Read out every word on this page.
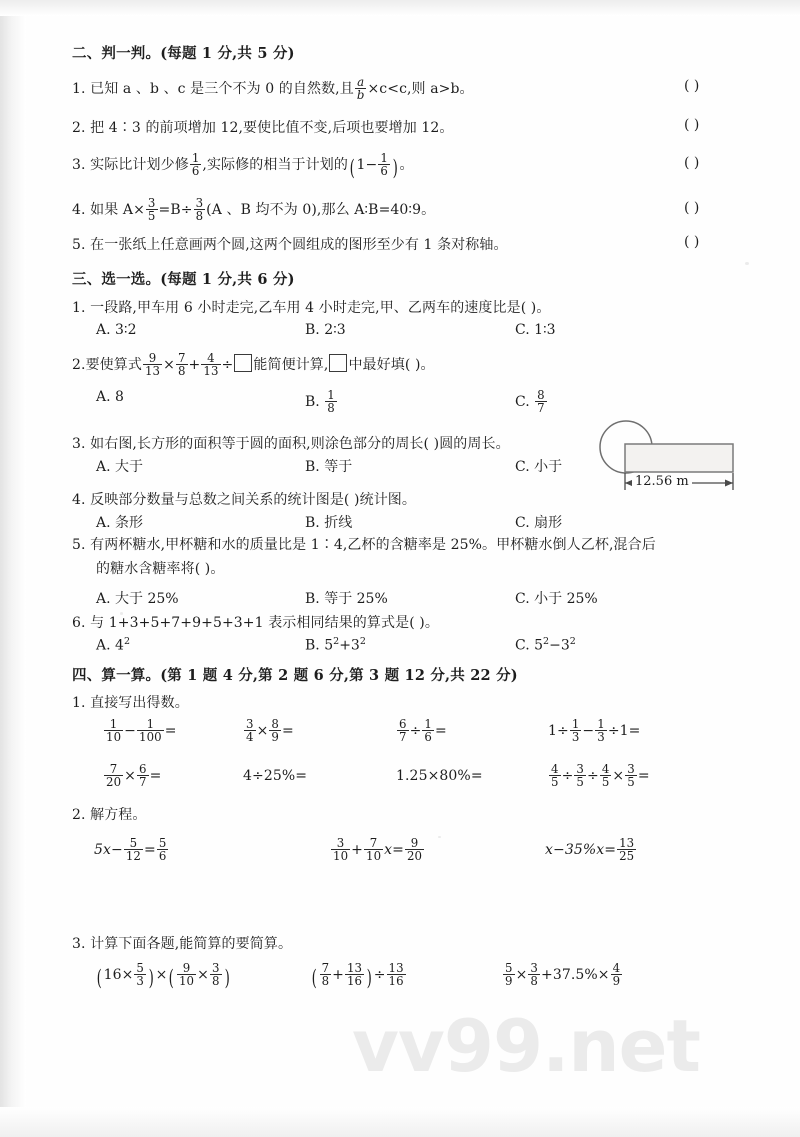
二、判一判。(每题 1 分,共 5 分)
1. 已知 a 、b 、c 是三个不为 0 的自然数,且 $\frac{a}{b} \times c<c$,则 a>b。	( )
2. 把 4∶3 的前项增加 12,要使比值不变,后项也要增加 12。	( )
3. 实际比计划少修 $\frac{1}{6}$ ,实际修的相当于计划的( $1- \frac{1}{6}$ ) 。	( )
4. 如果 $A\times \frac{3}{5} =B\div \frac{3}{8} (A$ 、B 均不为 0),那么 A∶B=40∶9。	( )
5. 在一张纸上任意画两个圆,这两个圆组成的图形至少有 1 条对称轴。	( )
三、选一选。(每题 1 分,共 6 分)
1. 一段路,甲车用 6 小时走完,乙车用 4 小时走完,甲、乙两车的速度比是( )。
A. 3∶2	B. 2∶3	C. 1∶3
2.要使算式 $\frac{9}{13} \times \frac{7}{8} + \frac{4}{13}$ ÷ 能简便计算, 中最好填( )。
A. 8	B. $\frac{1}{8}$	C. $\frac{8}{7}$
3. 如右图,长方形的面积等于圆的面积,则涂色部分的周长( )圆的周长。
A. 大于	B. 等于	C. 小于
12.56 m
4. 反映部分数量与总数之间关系的统计图是( )统计图。
A. 条形	B. 折线	C. 扇形
5. 有两杯糖水,甲杯糖和水的质量比是 1∶4,乙杯的含糖率是 25%。甲杯糖水倒人乙杯,混合后
的糖水含糖率将( )。
A. 大于 25%	B. 等于 25%	C. 小于 25%
6. 与 1+3+5+7+9+5+3+1 表示相同结果的算式是( )。
A. $4^2$	B. $5^2+3^2$	C. $5^2-3^2$
四、算一算。(第 1 题 4 分,第 2 题 6 分,第 3 题 12 分,共 22 分)
1. 直接写出得数。
$\frac{1}{10} - \frac{1}{100}$ =	$\frac{3}{4} \times \frac{8}{9}$ =	$\frac{6}{7} \div \frac{1}{6}$ =	$1\div \frac{1}{3} - \frac{1}{3} \div 1=$
$\frac{7}{20} \times \frac{6}{7}$ =	4÷25%=	1.25×80%=	$\frac{4}{5} \div \frac{3}{5} \div \frac{4}{5} \times \frac{3}{5}$ =
2. 解方程。
$5x- \frac{5}{12} = \frac{5}{6}$	$\frac{3}{10} + \frac{7}{10} x= \frac{9}{20}$	$x-35\%x= \frac{13}{25}$
3. 计算下面各题,能简算的要简算。
( $16\times \frac{5}{3}$ ) ×( $\frac{9}{10} \times \frac{3}{8}$ )	( $\frac{7}{8} + \frac{13}{16}$ ) ÷ $\frac{13}{16}$	$\frac{5}{9} \times \frac{3}{8} +37.5\%\times \frac{4}{9}$
vv99.net
